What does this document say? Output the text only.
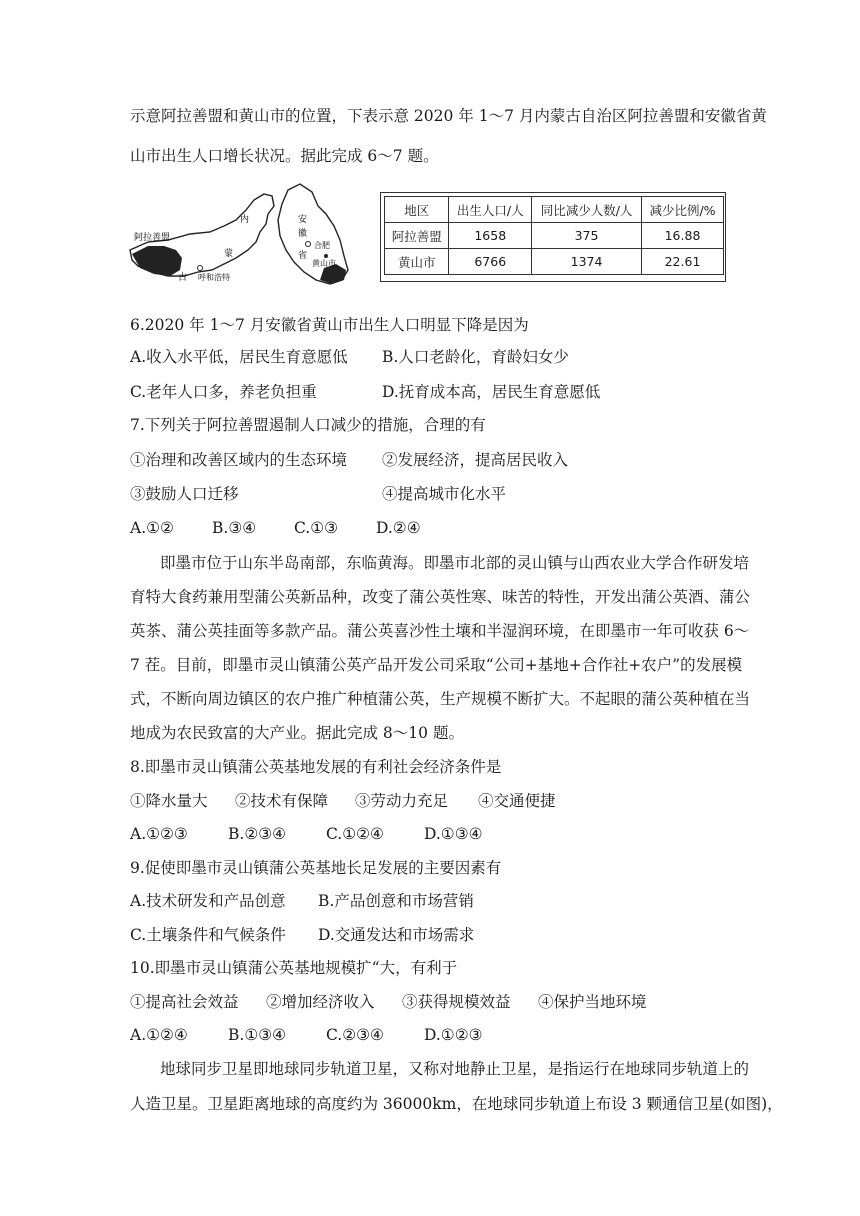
示意阿拉善盟和黄山市的位置，下表示意 2020 年 1～7 月内蒙古自治区阿拉善盟和安徽省黄
山市出生人口增长状况。据此完成 6～7 题。
内
蒙
古
阿拉善盟
呼和浩特
安
徽
省
合肥
黄山市
地区	出生人口/人	同比减少人数/人	减少比例/%
阿拉善盟	1658	375	16.88
黄山市	6766	1374	22.61
6.2020 年 1～7 月安徽省黄山市出生人口明显下降是因为
A.收入水平低，居民生育意愿低 B.人口老龄化，育龄妇女少
C.老年人口多，养老负担重	D.抚育成本高，居民生育意愿低
7.下列关于阿拉善盟遏制人口减少的措施，合理的有
①治理和改善区域内的生态环境 ②发展经济，提高居民收入
③鼓励人口迁移	④提高城市化水平
A.①② B.③④ C.①③ D.②④
即墨市位于山东半岛南部，东临黄海。即墨市北部的灵山镇与山西农业大学合作研发培
育特大食药兼用型蒲公英新品种，改变了蒲公英性寒、味苦的特性，开发出蒲公英酒、蒲公
英茶、蒲公英挂面等多款产品。蒲公英喜沙性土壤和半湿润环境，在即墨市一年可收获 6～
7 茬。目前，即墨市灵山镇蒲公英产品开发公司采取“公司+基地+合作社+农户”的发展模
式，不断向周边镇区的农户推广种植蒲公英，生产规模不断扩大。不起眼的蒲公英种植在当
地成为农民致富的大产业。据此完成 8～10 题。
8.即墨市灵山镇蒲公英基地发展的有利社会经济条件是
①降水量大 ②技术有保障 ③劳动力充足 ④交通便捷
A.①②③	B.②③④	C.①②④	D.①③④
9.促使即墨市灵山镇蒲公英基地长足发展的主要因素有
A.技术研发和产品创意 B.产品创意和市场营销
C.土壤条件和气候条件 D.交通发达和市场需求
10.即墨市灵山镇蒲公英基地规模扩“大，有利于
①提高社会效益 ②增加经济收入 ③获得规模效益 ④保护当地环境
A.①②④	B.①③④	C.②③④	D.①②③
地球同步卫星即地球同步轨道卫星，又称对地静止卫星，是指运行在地球同步轨道上的
人造卫星。卫星距离地球的高度约为 36000km，在地球同步轨道上布设 3 颗通信卫星(如图)，
